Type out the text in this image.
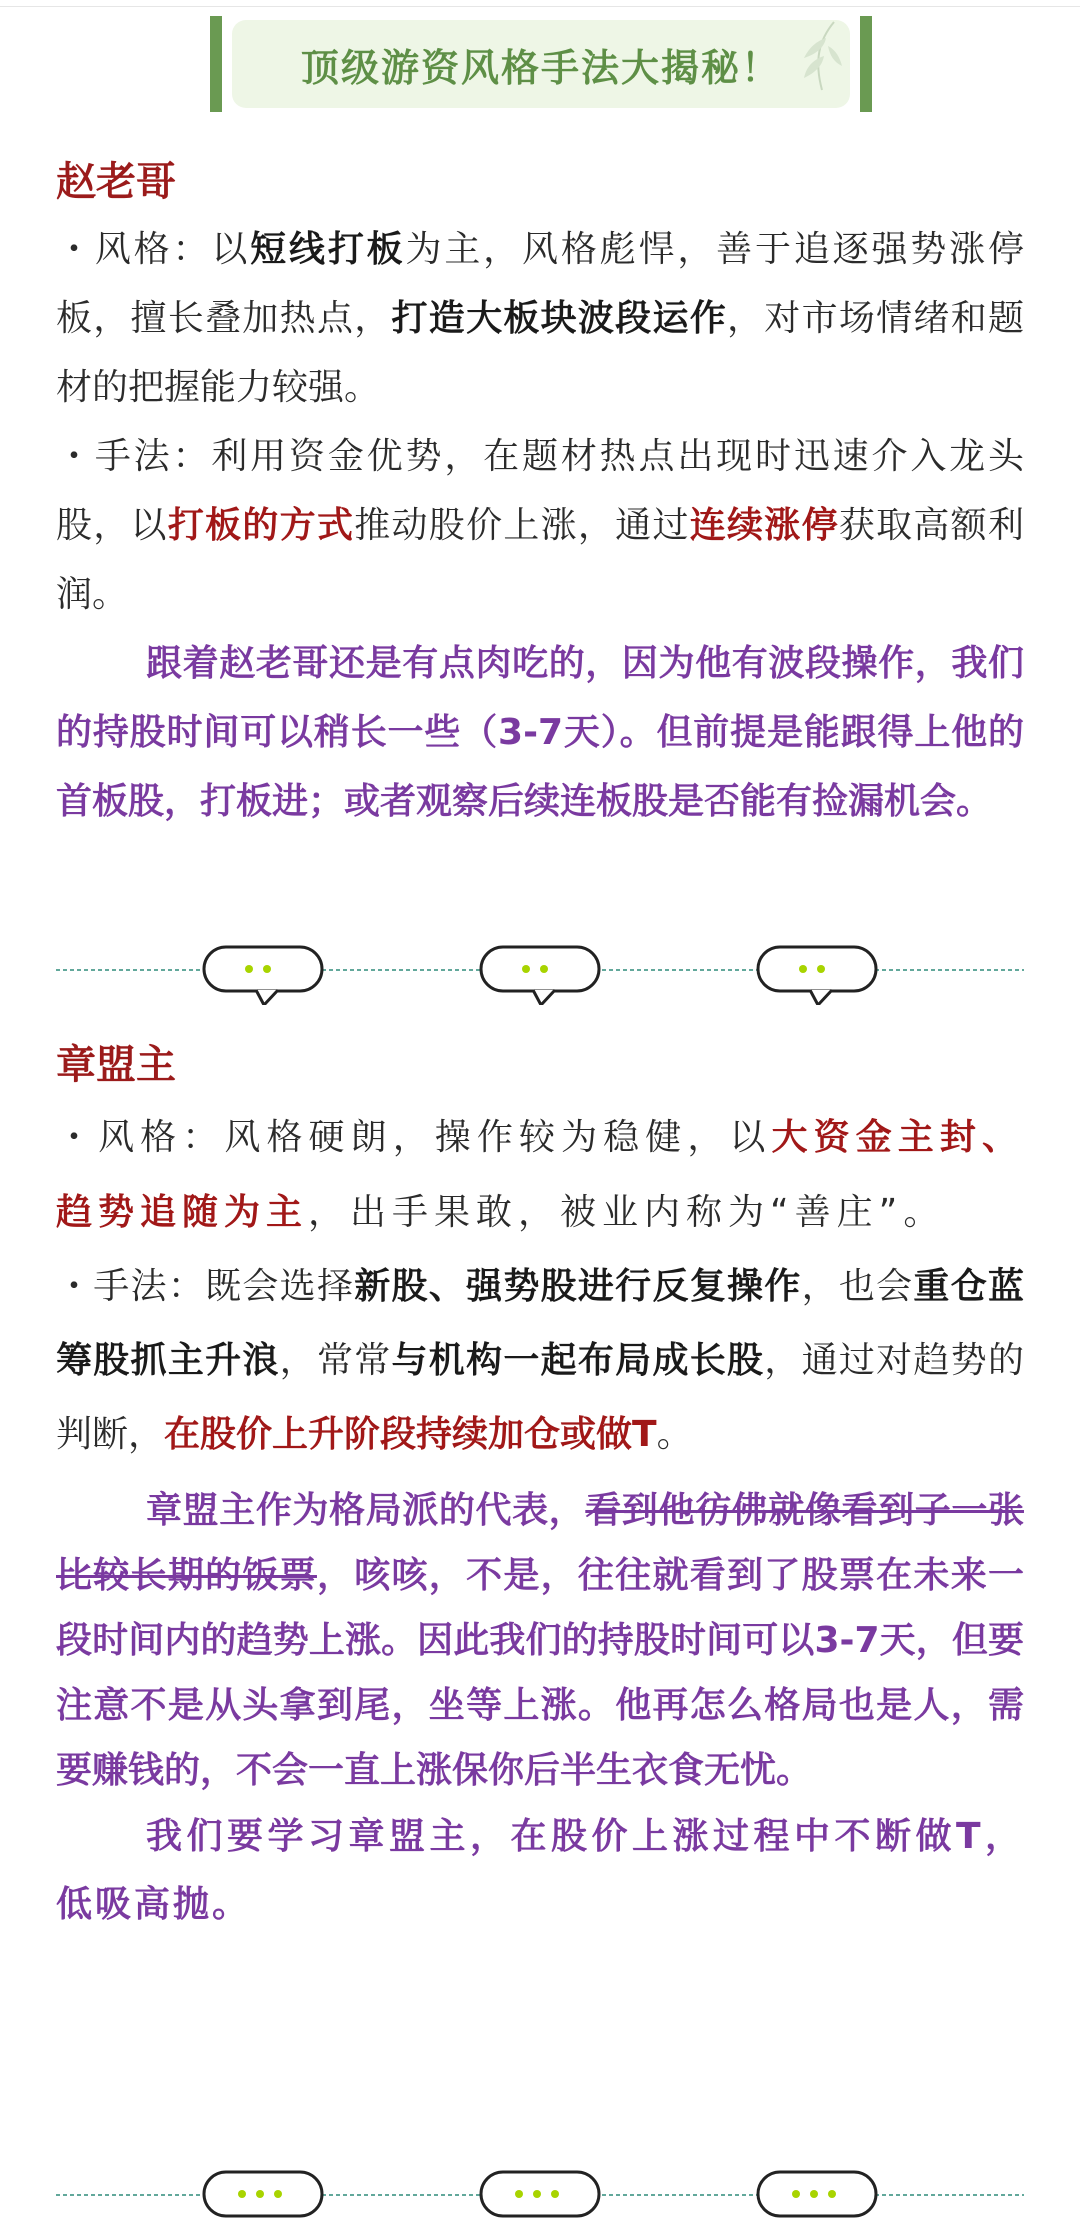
顶级游资风格手法大揭秘！
赵老哥

・风格：以短线打板为主，风格彪悍，善于追逐强势涨停板，擅长叠加热点，打造大板块波段运作，对市场情绪和题材的把握能力较强。

・手法：利用资金优势，在题材热点出现时迅速介入龙头股，以打板的方式推动股价上涨，通过连续涨停获取高额利润。

跟着赵老哥还是有点肉吃的，因为他有波段操作，我们的持股时间可以稍长一些（3-7天）。但前提是能跟得上他的首板股，打板进；或者观察后续连板股是否能有捡漏机会。

章盟主

・风格：风格硬朗，操作较为稳健，以大资金主封、趋势追随为主，出手果敢，被业内称为“善庄”。

・手法：既会选择新股、强势股进行反复操作，也会重仓蓝筹股抓主升浪，常常与机构一起布局成长股，通过对趋势的判断，在股价上升阶段持续加仓或做T。

章盟主作为格局派的代表，看到他彷佛就像看到子一张比较长期的饭票，咳咳，不是，往往就看到了股票在未来一段时间内的趋势上涨。因此我们的持股时间可以3-7天，但要注意不是从头拿到尾，坐等上涨。他再怎么格局也是人，需要赚钱的，不会一直上涨保你后半生衣食无忧。

我们要学习章盟主，在股价上涨过程中不断做T，低吸高抛。
